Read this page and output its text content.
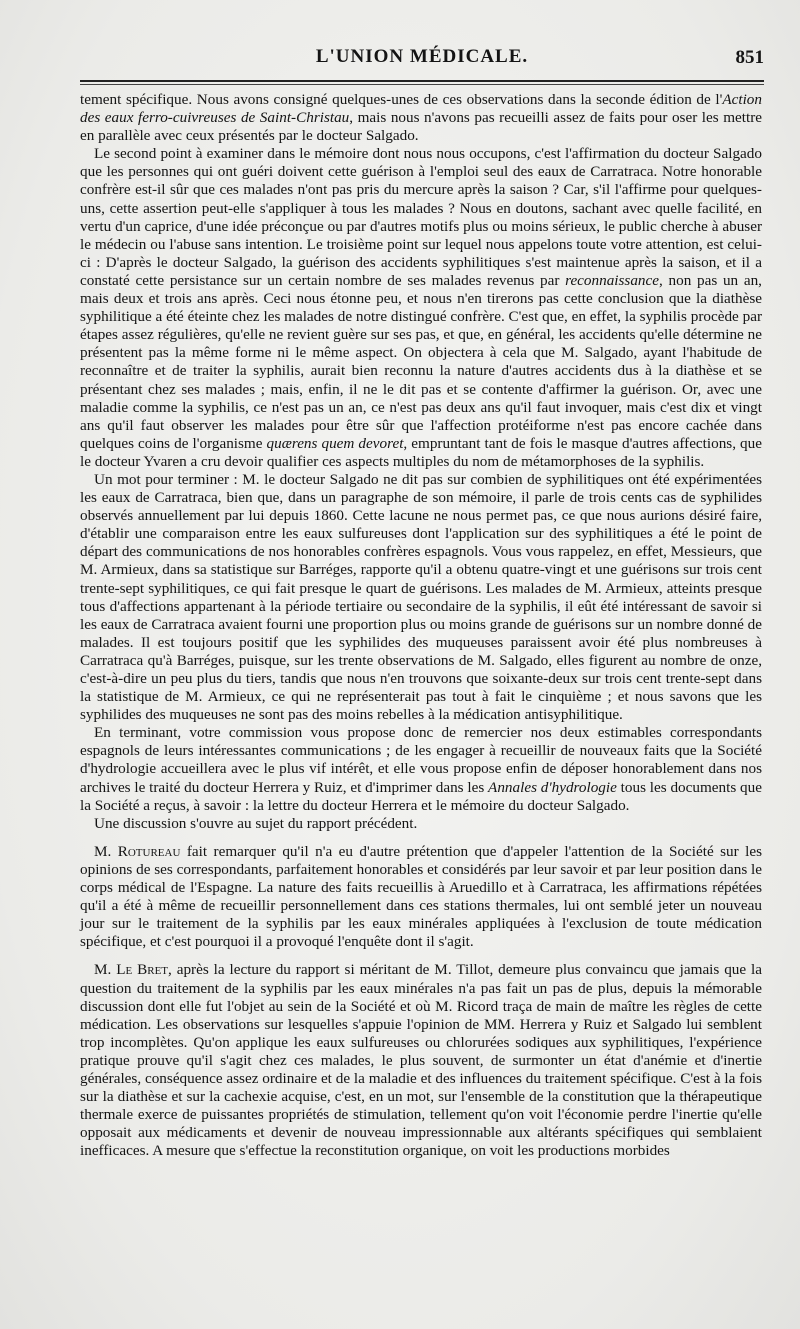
L'UNION MÉDICALE.	851

tement spécifique. Nous avons consigné quelques-unes de ces observations dans la seconde édition de l'Action des eaux ferro-cuivreuses de Saint-Christau, mais nous n'avons pas recueilli assez de faits pour oser les mettre en parallèle avec ceux présentés par le docteur Salgado.

Le second point à examiner dans le mémoire dont nous nous occupons, c'est l'affirmation du docteur Salgado que les personnes qui ont guéri doivent cette guérison à l'emploi seul des eaux de Carratraca. Notre honorable confrère est-il sûr que ces malades n'ont pas pris du mercure après la saison ? Car, s'il l'affirme pour quelques-uns, cette assertion peut-elle s'appliquer à tous les malades ? Nous en doutons, sachant avec quelle facilité, en vertu d'un caprice, d'une idée préconçue ou par d'autres motifs plus ou moins sérieux, le public cherche à abuser le médecin ou l'abuse sans intention. Le troisième point sur lequel nous appelons toute votre attention, est celui-ci : D'après le docteur Salgado, la guérison des accidents syphilitiques s'est maintenue après la saison, et il a constaté cette persistance sur un certain nombre de ses malades revenus par reconnaissance, non pas un an, mais deux et trois ans après. Ceci nous étonne peu, et nous n'en tirerons pas cette conclusion que la diathèse syphilitique a été éteinte chez les malades de notre distingué confrère. C'est que, en effet, la syphilis procède par étapes assez régulières, qu'elle ne revient guère sur ses pas, et que, en général, les accidents qu'elle détermine ne présentent pas la même forme ni le même aspect. On objectera à cela que M. Salgado, ayant l'habitude de reconnaître et de traiter la syphilis, aurait bien reconnu la nature d'autres accidents dus à la diathèse et se présentant chez ses malades ; mais, enfin, il ne le dit pas et se contente d'affirmer la guérison. Or, avec une maladie comme la syphilis, ce n'est pas un an, ce n'est pas deux ans qu'il faut invoquer, mais c'est dix et vingt ans qu'il faut observer les malades pour être sûr que l'affection protéiforme n'est pas encore cachée dans quelques coins de l'organisme quærens quem devoret, empruntant tant de fois le masque d'autres affections, que le docteur Yvaren a cru devoir qualifier ces aspects multiples du nom de métamorphoses de la syphilis.

Un mot pour terminer : M. le docteur Salgado ne dit pas sur combien de syphilitiques ont été expérimentées les eaux de Carratraca, bien que, dans un paragraphe de son mémoire, il parle de trois cents cas de syphilides observés annuellement par lui depuis 1860. Cette lacune ne nous permet pas, ce que nous aurions désiré faire, d'établir une comparaison entre les eaux sulfureuses dont l'application sur des syphilitiques a été le point de départ des communications de nos honorables confrères espagnols. Vous vous rappelez, en effet, Messieurs, que M. Armieux, dans sa statistique sur Barréges, rapporte qu'il a obtenu quatre-vingt et une guérisons sur trois cent trente-sept syphilitiques, ce qui fait presque le quart de guérisons. Les malades de M. Armieux, atteints presque tous d'affections appartenant à la période tertiaire ou secondaire de la syphilis, il eût été intéressant de savoir si les eaux de Carratraca avaient fourni une proportion plus ou moins grande de guérisons sur un nombre donné de malades. Il est toujours positif que les syphilides des muqueuses paraissent avoir été plus nombreuses à Carratraca qu'à Barréges, puisque, sur les trente observations de M. Salgado, elles figurent au nombre de onze, c'est-à-dire un peu plus du tiers, tandis que nous n'en trouvons que soixante-deux sur trois cent trente-sept dans la statistique de M. Armieux, ce qui ne représenterait pas tout à fait le cinquième ; et nous savons que les syphilides des muqueuses ne sont pas des moins rebelles à la médication antisyphilitique.

En terminant, votre commission vous propose donc de remercier nos deux estimables correspondants espagnols de leurs intéressantes communications ; de les engager à recueillir de nouveaux faits que la Société d'hydrologie accueillera avec le plus vif intérêt, et elle vous propose enfin de déposer honorablement dans nos archives le traité du docteur Herrera y Ruiz, et d'imprimer dans les Annales d'hydrologie tous les documents que la Société a reçus, à savoir : la lettre du docteur Herrera et le mémoire du docteur Salgado.

Une discussion s'ouvre au sujet du rapport précédent.

M. Rotureau fait remarquer qu'il n'a eu d'autre prétention que d'appeler l'attention de la Société sur les opinions de ses correspondants, parfaitement honorables et considérés par leur savoir et par leur position dans le corps médical de l'Espagne. La nature des faits recueillis à Aruedillo et à Carratraca, les affirmations répétées qu'il a été à même de recueillir personnellement dans ces stations thermales, lui ont semblé jeter un nouveau jour sur le traitement de la syphilis par les eaux minérales appliquées à l'exclusion de toute médication spécifique, et c'est pourquoi il a provoqué l'enquête dont il s'agit.

M. Le Bret, après la lecture du rapport si méritant de M. Tillot, demeure plus convaincu que jamais que la question du traitement de la syphilis par les eaux minérales n'a pas fait un pas de plus, depuis la mémorable discussion dont elle fut l'objet au sein de la Société et où M. Ricord traça de main de maître les règles de cette médication. Les observations sur lesquelles s'appuie l'opinion de MM. Herrera y Ruiz et Salgado lui semblent trop incomplètes. Qu'on applique les eaux sulfureuses ou chlorurées sodiques aux syphilitiques, l'expérience pratique prouve qu'il s'agit chez ces malades, le plus souvent, de surmonter un état d'anémie et d'inertie générales, conséquence assez ordinaire et de la maladie et des influences du traitement spécifique. C'est à la fois sur la diathèse et sur la cachexie acquise, c'est, en un mot, sur l'ensemble de la constitution que la thérapeutique thermale exerce de puissantes propriétés de stimulation, tellement qu'on voit l'économie perdre l'inertie qu'elle opposait aux médicaments et devenir de nouveau impressionnable aux altérants spécifiques qui semblaient inefficaces. A mesure que s'effectue la reconstitution organique, on voit les productions morbides
